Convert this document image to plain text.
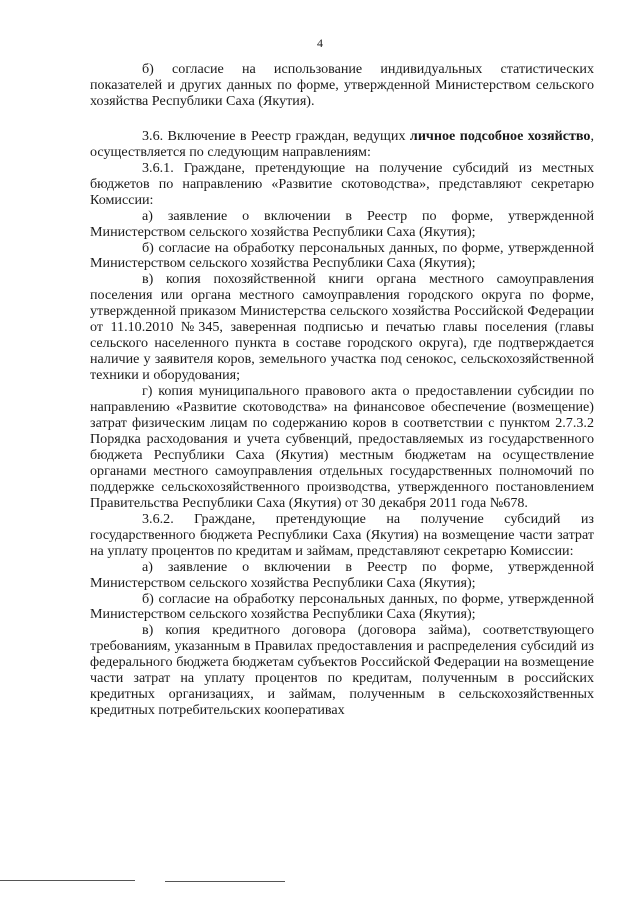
4

б) согласие на использование индивидуальных статистических показателей и других данных по форме, утвержденной Министерством сельского хозяйства Республики Саха (Якутия).

3.6. Включение в Реестр граждан, ведущих личное подсобное хозяйство, осуществляется по следующим направлениям:

3.6.1. Граждане, претендующие на получение субсидий из местных бюджетов по направлению «Развитие скотоводства», представляют секретарю Комиссии:

а) заявление о включении в Реестр по форме, утвержденной Министерством сельского хозяйства Республики Саха (Якутия);

б) согласие на обработку персональных данных, по форме, утвержденной Министерством сельского хозяйства Республики Саха (Якутия);

в) копия похозяйственной книги органа местного самоуправления поселения или органа местного самоуправления городского округа по форме, утвержденной приказом Министерства сельского хозяйства Российской Федерации от 11.10.2010 №345, заверенная подписью и печатью главы поселения (главы сельского населенного пункта в составе городского округа), где подтверждается наличие у заявителя коров, земельного участка под сенокос, сельскохозяйственной техники и оборудования;

г) копия муниципального правового акта о предоставлении субсидии по направлению «Развитие скотоводства» на финансовое обеспечение (возмещение) затрат физическим лицам по содержанию коров в соответствии с пунктом 2.7.3.2 Порядка расходования и учета субвенций, предоставляемых из государственного бюджета Республики Саха (Якутия) местным бюджетам на осуществление органами местного самоуправления отдельных государственных полномочий по поддержке сельскохозяйственного производства, утвержденного постановлением Правительства Республики Саха (Якутия) от 30 декабря 2011 года №678.

3.6.2. Граждане, претендующие на получение субсидий из государственного бюджета Республики Саха (Якутия) на возмещение части затрат на уплату процентов по кредитам и займам, представляют секретарю Комиссии:

а) заявление о включении в Реестр по форме, утвержденной Министерством сельского хозяйства Республики Саха (Якутия);

б) согласие на обработку персональных данных, по форме, утвержденной Министерством сельского хозяйства Республики Саха (Якутия);

в) копия кредитного договора (договора займа), соответствующего требованиям, указанным в Правилах предоставления и распределения субсидий из федерального бюджета бюджетам субъектов Российской Федерации на возмещение части затрат на уплату процентов по кредитам, полученным в российских кредитных организациях, и займам, полученным в сельскохозяйственных кредитных потребительских кооперативах
